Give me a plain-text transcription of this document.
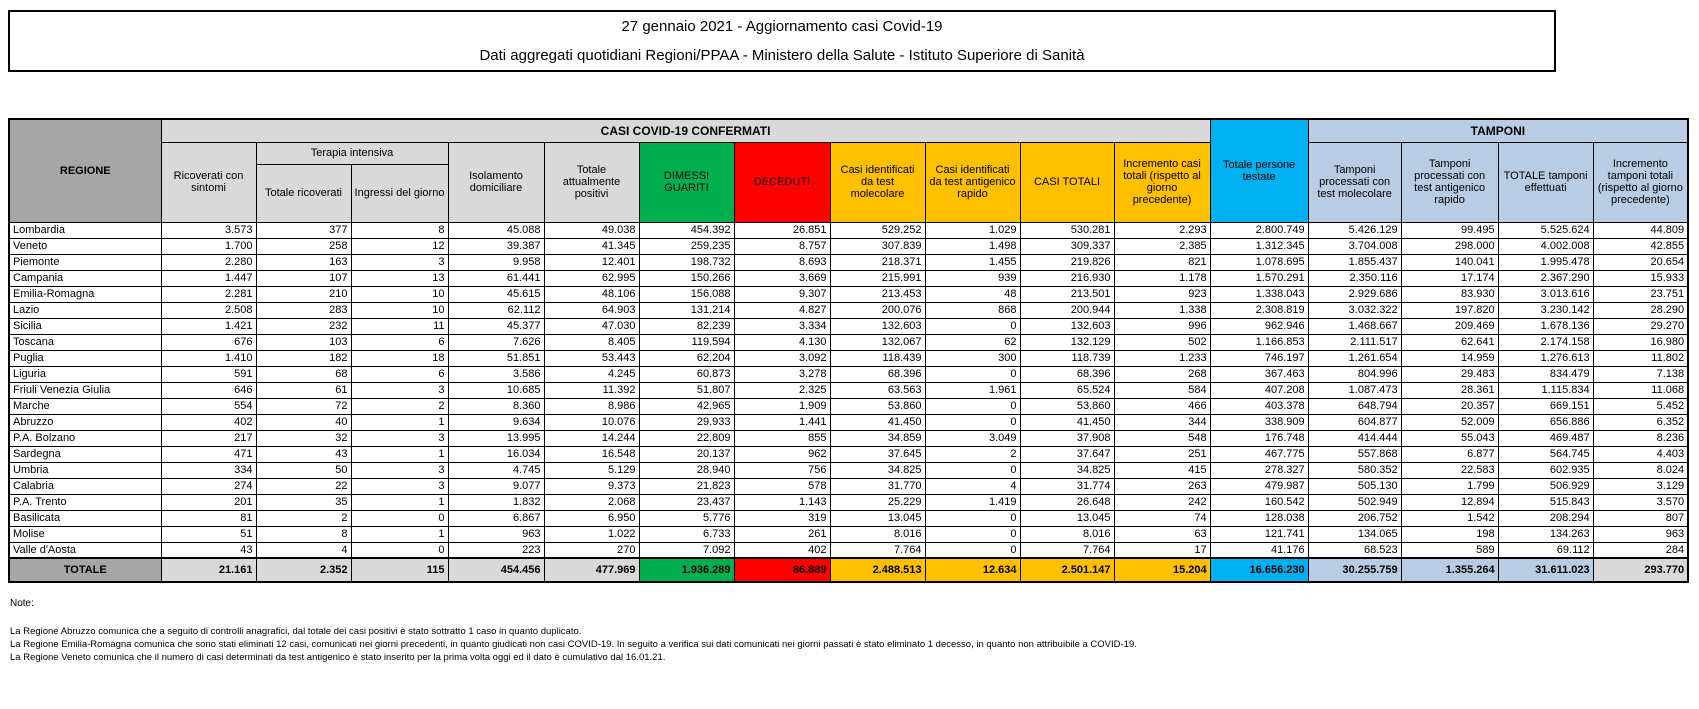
27 gennaio 2021 - Aggiornamento casi Covid-19
Dati aggregati quotidiani Regioni/PPAA - Ministero della Salute - Istituto Superiore di Sanità
REGIONE	CASI COVID-19 CONFERMATI											Totale persone testate	TAMPONI			
	Ricoverati con sintomi	Terapia intensiva		Isolamento domiciliare	Totale attualmente positivi	DIMESSI GUARITI	DECEDUTI	Casi identificati da test molecolare	Casi identificati da test antigenico rapido	CASI TOTALI	Incremento casi totali (rispetto al giorno precedente)		Tamponi processati con test molecolare	Tamponi processati con test antigenico rapido	TOTALE tamponi effettuati	Incremento tamponi totali (rispetto al giorno precedente)
		Totale ricoverati	Ingressi del giorno													
Lombardia	3.573	377	8	45.088	49.038	454.392	26.851	529.252	1.029	530.281	2.293	2.800.749	5.426.129	99.495	5.525.624	44.809
Veneto	1.700	258	12	39.387	41.345	259.235	8.757	307.839	1.498	309.337	2.385	1.312.345	3.704.008	298.000	4.002.008	42.855
Piemonte	2.280	163	3	9.958	12.401	198.732	8.693	218.371	1.455	219.826	821	1.078.695	1.855.437	140.041	1.995.478	20.654
Campania	1.447	107	13	61.441	62.995	150.266	3.669	215.991	939	216.930	1.178	1.570.291	2.350.116	17.174	2.367.290	15.933
Emilia-Romagna	2.281	210	10	45.615	48.106	156.088	9.307	213.453	48	213.501	923	1.338.043	2.929.686	83.930	3.013.616	23.751
Lazio	2.508	283	10	62.112	64.903	131.214	4.827	200.076	868	200.944	1.338	2.308.819	3.032.322	197.820	3.230.142	28.290
Sicilia	1.421	232	11	45.377	47.030	82.239	3.334	132.603	0	132.603	996	962.946	1.468.667	209.469	1.678.136	29.270
Toscana	676	103	6	7.626	8.405	119.594	4.130	132.067	62	132.129	502	1.166.853	2.111.517	62.641	2.174.158	16.980
Puglia	1.410	182	18	51.851	53.443	62.204	3.092	118.439	300	118.739	1.233	746.197	1.261.654	14.959	1.276.613	11.802
Liguria	591	68	6	3.586	4.245	60.873	3.278	68.396	0	68.396	268	367.463	804.996	29.483	834.479	7.138
Friuli Venezia Giulia	646	61	3	10.685	11.392	51.807	2.325	63.563	1.961	65.524	584	407.208	1.087.473	28.361	1.115.834	11.068
Marche	554	72	2	8.360	8.986	42.965	1.909	53.860	0	53.860	466	403.378	648.794	20.357	669.151	5.452
Abruzzo	402	40	1	9.634	10.076	29.933	1.441	41.450	0	41.450	344	338.909	604.877	52.009	656.886	6.352
P.A. Bolzano	217	32	3	13.995	14.244	22.809	855	34.859	3.049	37.908	548	176.748	414.444	55.043	469.487	8.236
Sardegna	471	43	1	16.034	16.548	20.137	962	37.645	2	37.647	251	467.775	557.868	6.877	564.745	4.403
Umbria	334	50	3	4.745	5.129	28.940	756	34.825	0	34.825	415	278.327	580.352	22.583	602.935	8.024
Calabria	274	22	3	9.077	9.373	21.823	578	31.770	4	31.774	263	479.987	505.130	1.799	506.929	3.129
P.A. Trento	201	35	1	1.832	2.068	23.437	1.143	25.229	1.419	26.648	242	160.542	502.949	12.894	515.843	3.570
Basilicata	81	2	0	6.867	6.950	5.776	319	13.045	0	13.045	74	128.038	206.752	1.542	208.294	807
Molise	51	8	1	963	1.022	6.733	261	8.016	0	8.016	63	121.741	134.065	198	134.263	963
Valle d'Aosta	43	4	0	223	270	7.092	402	7.764	0	7.764	17	41.176	68.523	589	69.112	284
TOTALE	21.161	2.352	115	454.456	477.969	1.936.289	86.889	2.488.513	12.634	2.501.147	15.204	16.656.230	30.255.759	1.355.264	31.611.023	293.770
Note:
La Regione Abruzzo comunica che a seguito di controlli anagrafici, dal totale dei casi positivi è stato sottratto 1 caso in quanto duplicato.
La Regione Emilia-Romagna comunica che sono stati eliminati 12 casi, comunicati nei giorni precedenti, in quanto giudicati non casi COVID-19. In seguito a verifica sui dati comunicati nei giorni passati è stato eliminato 1 decesso, in quanto non attribuibile a COVID-19.
La Regione Veneto comunica che il numero di casi determinati da test antigenico è stato inserito per la prima volta oggi ed il dato è cumulativo dal 16.01.21.
